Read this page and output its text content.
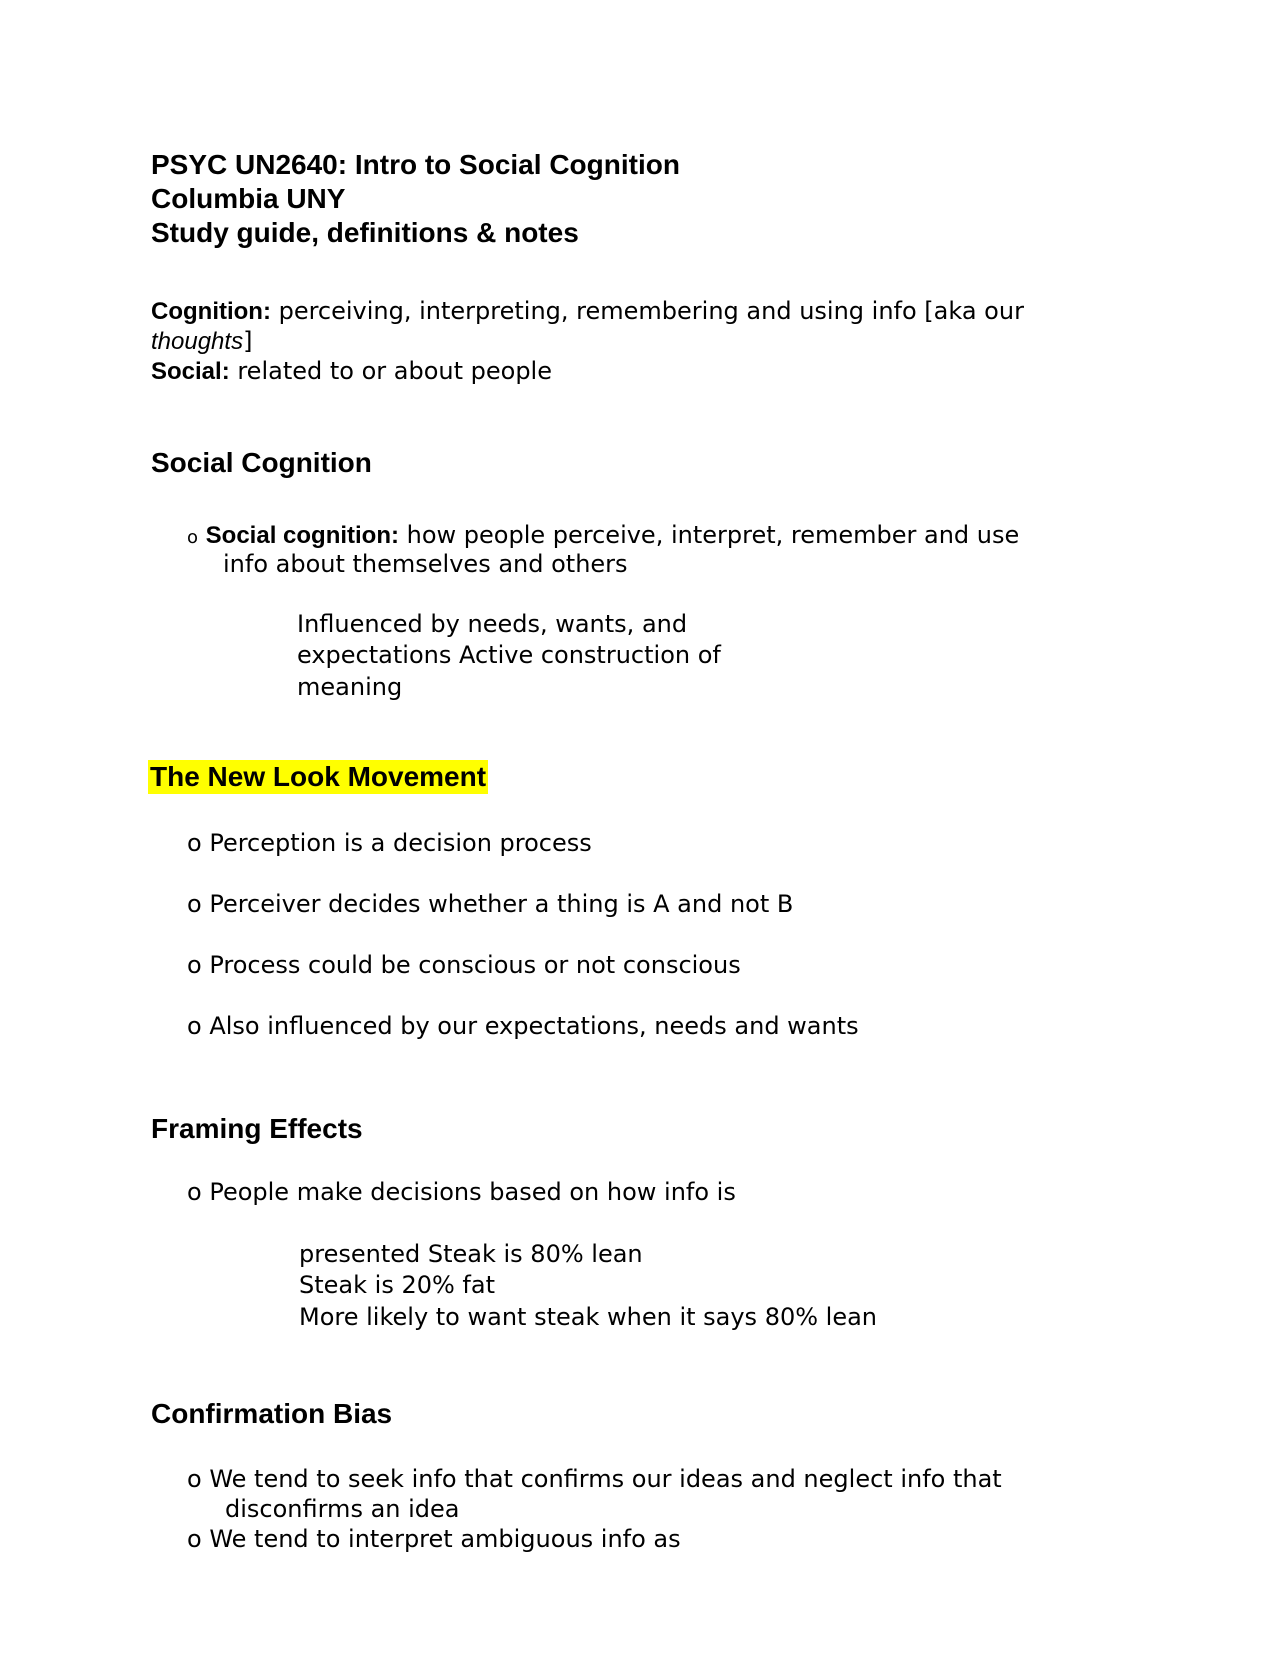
PSYC UN2640: Intro to Social Cognition
Columbia UNY
Study guide, definitions & notes
Cognition: perceiving, interpreting, remembering and using info [aka our
thoughts]
Social: related to or about people
Social Cognition
o Social cognition: how people perceive, interpret, remember and use
info about themselves and others
Influenced by needs, wants, and
expectations Active construction of
meaning
The New Look Movement
o Perception is a decision process
o Perceiver decides whether a thing is A and not B
o Process could be conscious or not conscious
o Also influenced by our expectations, needs and wants
Framing Effects
o People make decisions based on how info is
presented Steak is 80% lean
Steak is 20% fat
More likely to want steak when it says 80% lean
Confirmation Bias
o We tend to seek info that confirms our ideas and neglect info that
disconfirms an idea
o We tend to interpret ambiguous info as
